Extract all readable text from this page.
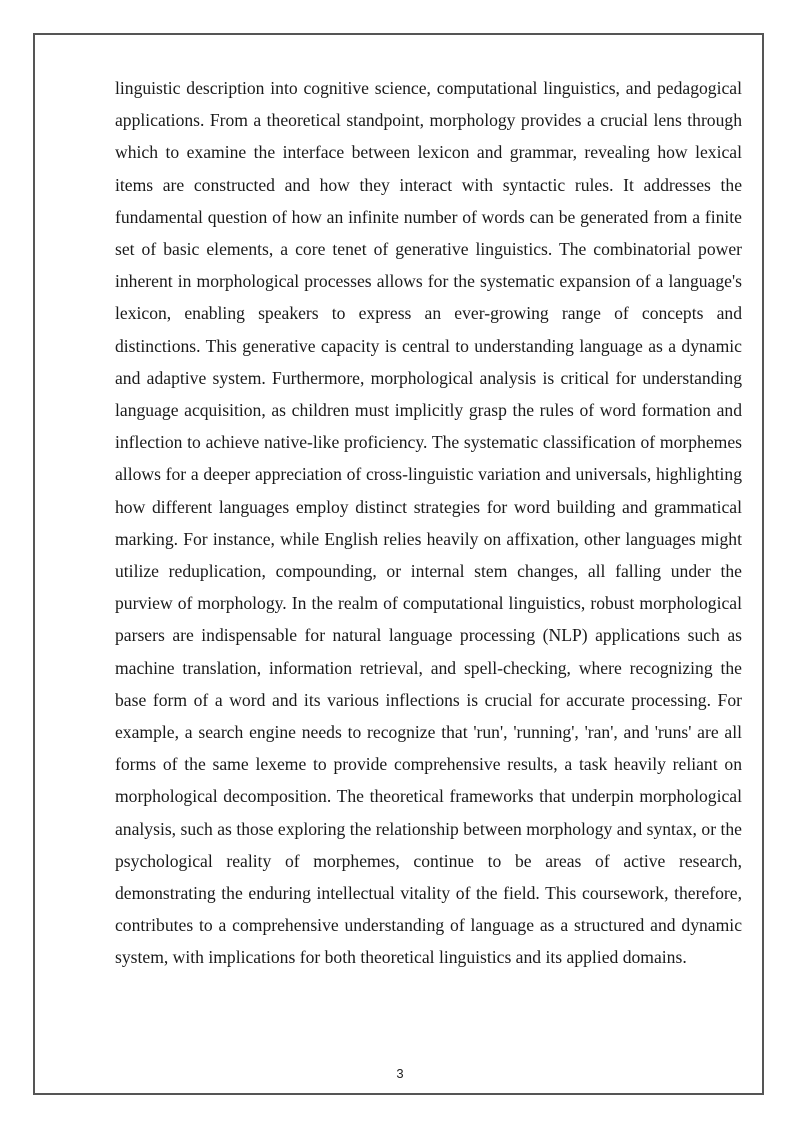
linguistic description into cognitive science, computational linguistics, and pedagogical applications. From a theoretical standpoint, morphology provides a crucial lens through which to examine the interface between lexicon and grammar, revealing how lexical items are constructed and how they interact with syntactic rules. It addresses the fundamental question of how an infinite number of words can be generated from a finite set of basic elements, a core tenet of generative linguistics. The combinatorial power inherent in morphological processes allows for the systematic expansion of a language's lexicon, enabling speakers to express an ever-growing range of concepts and distinctions. This generative capacity is central to understanding language as a dynamic and adaptive system. Furthermore, morphological analysis is critical for understanding language acquisition, as children must implicitly grasp the rules of word formation and inflection to achieve native-like proficiency. The systematic classification of morphemes allows for a deeper appreciation of cross-linguistic variation and universals, highlighting how different languages employ distinct strategies for word building and grammatical marking. For instance, while English relies heavily on affixation, other languages might utilize reduplication, compounding, or internal stem changes, all falling under the purview of morphology. In the realm of computational linguistics, robust morphological parsers are indispensable for natural language processing (NLP) applications such as machine translation, information retrieval, and spell-checking, where recognizing the base form of a word and its various inflections is crucial for accurate processing. For example, a search engine needs to recognize that 'run', 'running', 'ran', and 'runs' are all forms of the same lexeme to provide comprehensive results, a task heavily reliant on morphological decomposition. The theoretical frameworks that underpin morphological analysis, such as those exploring the relationship between morphology and syntax, or the psychological reality of morphemes, continue to be areas of active research, demonstrating the enduring intellectual vitality of the field. This coursework, therefore, contributes to a comprehensive understanding of language as a structured and dynamic system, with implications for both theoretical linguistics and its applied domains.

3
